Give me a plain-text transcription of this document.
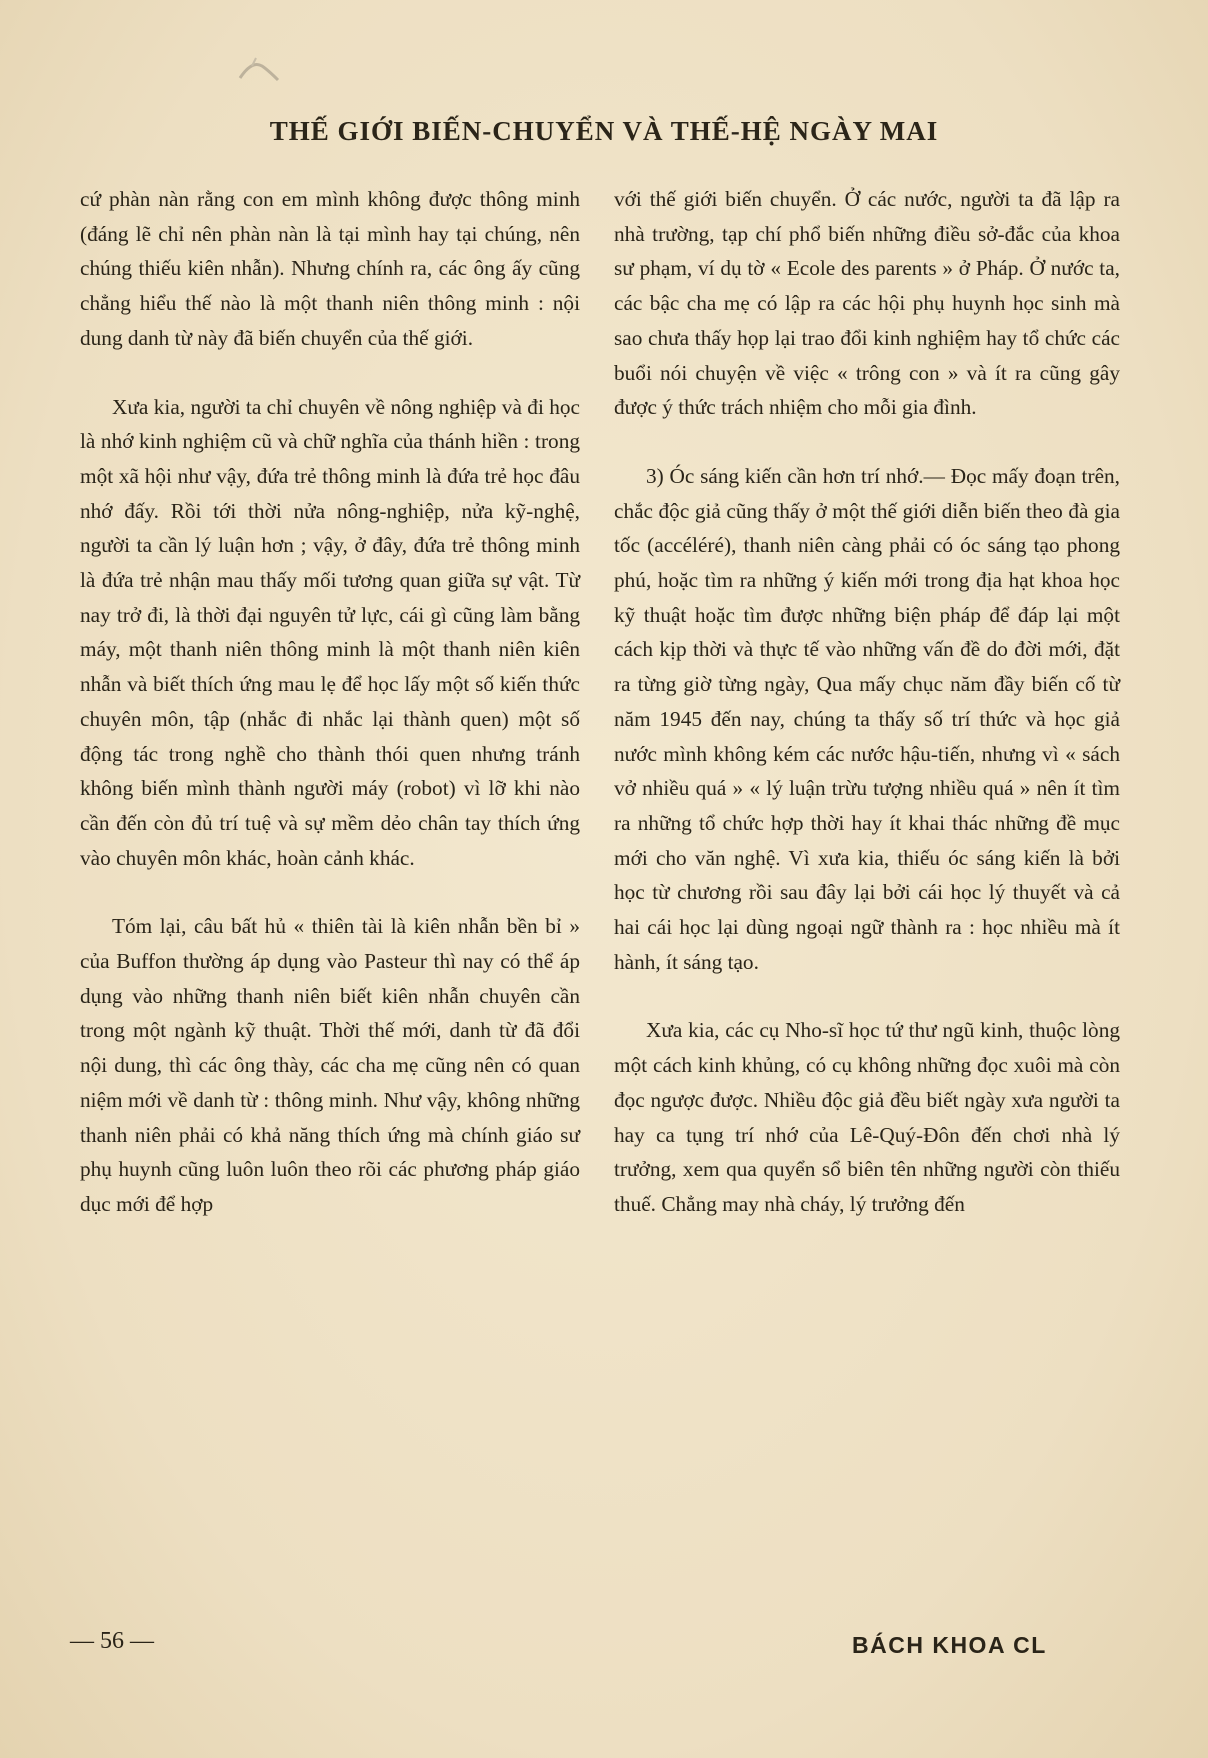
THẾ GIỚI BIẾN-CHUYỂN VÀ THẾ-HỆ NGÀY MAI

cứ phàn nàn rằng con em mình không được thông minh (đáng lẽ chỉ nên phàn nàn là tại mình hay tại chúng, nên chúng thiếu kiên nhẫn). Nhưng chính ra, các ông ấy cũng chẳng hiểu thế nào là một thanh niên thông minh : nội dung danh từ này đã biến chuyển của thế giới.

Xưa kia, người ta chỉ chuyên về nông nghiệp và đi học là nhớ kinh nghiệm cũ và chữ nghĩa của thánh hiền : trong một xã hội như vậy, đứa trẻ thông minh là đứa trẻ học đâu nhớ đấy. Rồi tới thời nửa nông-nghiệp, nửa kỹ-nghệ, người ta cần lý luận hơn ; vậy, ở đây, đứa trẻ thông minh là đứa trẻ nhận mau thấy mối tương quan giữa sự vật. Từ nay trở đi, là thời đại nguyên tử lực, cái gì cũng làm bằng máy, một thanh niên thông minh là một thanh niên kiên nhẫn và biết thích ứng mau lẹ để học lấy một số kiến thức chuyên môn, tập (nhắc đi nhắc lại thành quen) một số động tác trong nghề cho thành thói quen nhưng tránh không biến mình thành người máy (robot) vì lỡ khi nào cần đến còn đủ trí tuệ và sự mềm dẻo chân tay thích ứng vào chuyên môn khác, hoàn cảnh khác.

Tóm lại, câu bất hủ « thiên tài là kiên nhẫn bền bỉ » của Buffon thường áp dụng vào Pasteur thì nay có thể áp dụng vào những thanh niên biết kiên nhẫn chuyên cần trong một ngành kỹ thuật. Thời thế mới, danh từ đã đổi nội dung, thì các ông thày, các cha mẹ cũng nên có quan niệm mới về danh từ : thông minh. Như vậy, không những thanh niên phải có khả năng thích ứng mà chính giáo sư phụ huynh cũng luôn luôn theo rõi các phương pháp giáo dục mới để hợp

với thế giới biến chuyển. Ở các nước, người ta đã lập ra nhà trường, tạp chí phổ biến những điều sở-đắc của khoa sư phạm, ví dụ tờ « Ecole des parents » ở Pháp. Ở nước ta, các bậc cha mẹ có lập ra các hội phụ huynh học sinh mà sao chưa thấy họp lại trao đổi kinh nghiệm hay tổ chức các buổi nói chuyện về việc « trông con » và ít ra cũng gây được ý thức trách nhiệm cho mỗi gia đình.

3) Óc sáng kiến cần hơn trí nhớ.— Đọc mấy đoạn trên, chắc độc giả cũng thấy ở một thế giới diễn biến theo đà gia tốc (accéléré), thanh niên càng phải có óc sáng tạo phong phú, hoặc tìm ra những ý kiến mới trong địa hạt khoa học kỹ thuật hoặc tìm được những biện pháp để đáp lại một cách kịp thời và thực tế vào những vấn đề do đời mới, đặt ra từng giờ từng ngày, Qua mấy chục năm đầy biến cố từ năm 1945 đến nay, chúng ta thấy số trí thức và học giả nước mình không kém các nước hậu-tiến, nhưng vì « sách vở nhiều quá » « lý luận trừu tượng nhiều quá » nên ít tìm ra những tổ chức hợp thời hay ít khai thác những đề mục mới cho văn nghệ. Vì xưa kia, thiếu óc sáng kiến là bởi học từ chương rồi sau đây lại bởi cái học lý thuyết và cả hai cái học lại dùng ngoại ngữ thành ra : học nhiều mà ít hành, ít sáng tạo.

Xưa kia, các cụ Nho-sĩ học tứ thư ngũ kinh, thuộc lòng một cách kinh khủng, có cụ không những đọc xuôi mà còn đọc ngược được. Nhiều độc giả đều biết ngày xưa người ta hay ca tụng trí nhớ của Lê-Quý-Đôn đến chơi nhà lý trưởng, xem qua quyển sổ biên tên những người còn thiếu thuế. Chẳng may nhà cháy, lý trưởng đến

— 56 —	BÁCH KHOA CL
